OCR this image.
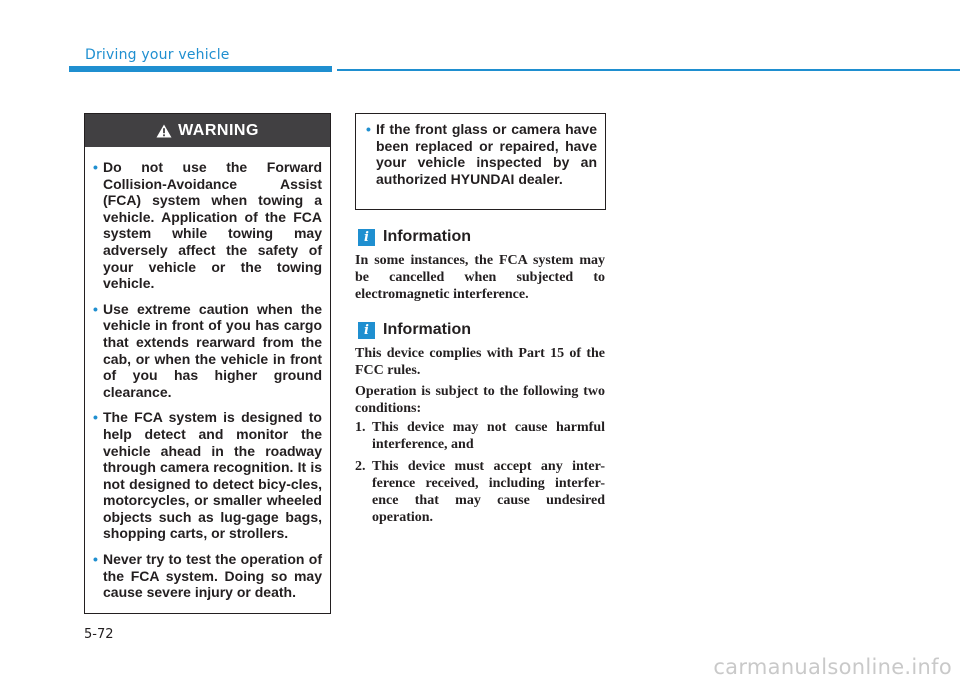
Driving your vehicle
WARNING
• Do not use the Forward Collision-Avoidance Assist (FCA) system when towing a vehicle. Application of the FCA system while towing may adversely affect the safety of your vehicle or the towing vehicle.
• Use extreme caution when the vehicle in front of you has cargo that extends rearward from the cab, or when the vehicle in front of you has higher ground clearance.
• The FCA system is designed to help detect and monitor the vehicle ahead in the roadway through camera recognition. It is not designed to detect bicy-cles, motorcycles, or smaller wheeled objects such as lug-gage bags, shopping carts, or strollers.
• Never try to test the operation of the FCA system. Doing so may cause severe injury or death.
• If the front glass or camera have been replaced or repaired, have your vehicle inspected by an authorized HYUNDAI dealer.
i Information

In some instances, the FCA system may be cancelled when subjected to electromagnetic interference.

i Information

This device complies with Part 15 of the FCC rules.

Operation is subject to the following two conditions:

1. This device may not cause harmful interference, and
2. This device must accept any inter-ference received, including interfer-ence that may cause undesired operation.
5-72
carmanualsonline.info
